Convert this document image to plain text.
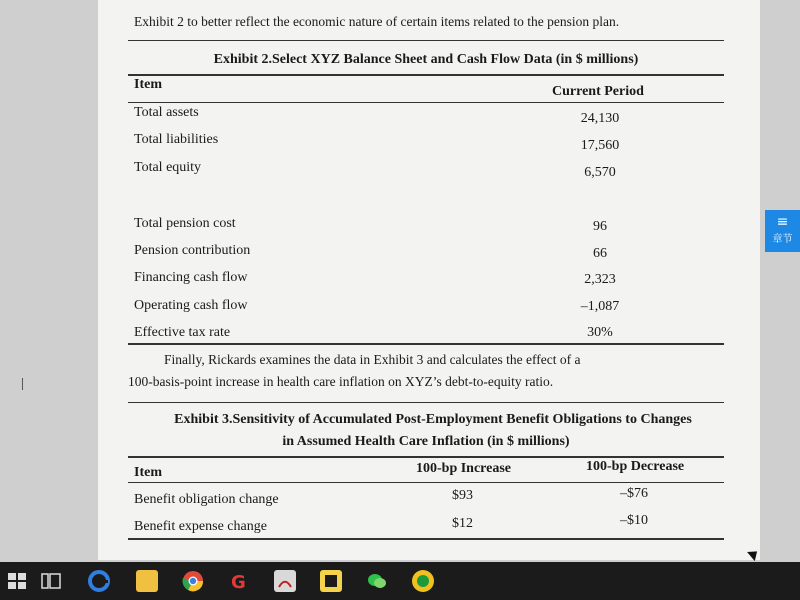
Exhibit 2 to better reflect the economic nature of certain items related to the pension plan.
Exhibit 2.Select XYZ Balance Sheet and Cash Flow Data (in $ millions)
Item	Current Period
Total assets	24,130
Total liabilities	17,560
Total equity	6,570
Total pension cost	96
Pension contribution	66
Financing cash flow	2,323
Operating cash flow	–1,087
Effective tax rate	30%
Finally, Rickards examines the data in Exhibit 3 and calculates the effect of a
100-basis-point increase in health care inflation on XYZ’s debt-to-equity ratio.
Exhibit 3.Sensitivity of Accumulated Post-Employment Benefit Obligations to Changes
in Assumed Health Care Inflation (in $ millions)
Item	100-bp Increase	100-bp Decrease
Benefit obligation change	$93	–$76
Benefit expense change	$12	–$10
≡
章节
G
